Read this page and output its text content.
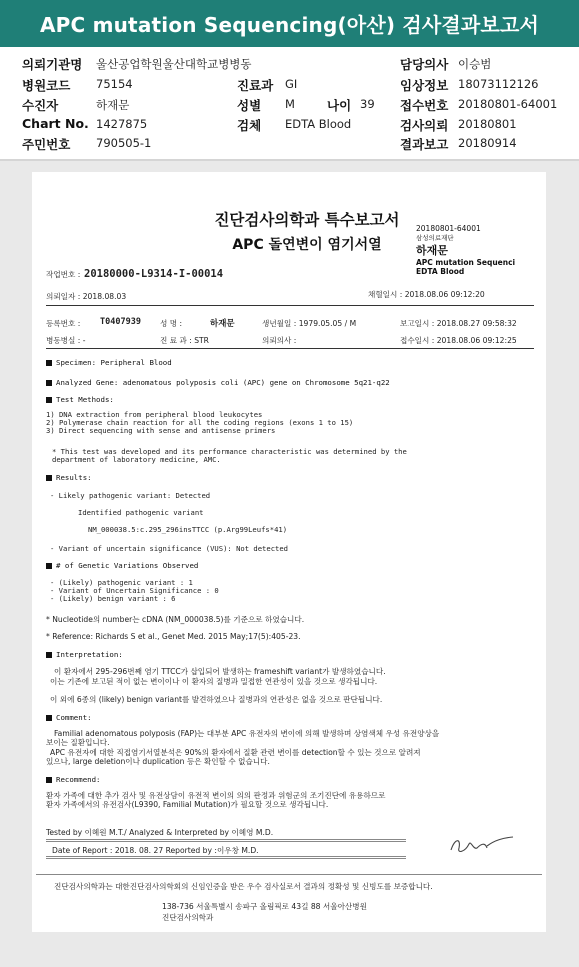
APC mutation Sequencing(아산) 검사결과보고서
의뢰기관명 울산공업학원울산대학교병병동
병원코드 75154
수진자	하재문
Chart No. 1427875
주민번호 790505-1
진료과 GI
성별 M	나이 39
검체 EDTA Blood
담당의사 이승범
임상정보 18073112126
접수번호 20180801-64001
검사의뢰 20180801
결과보고 20180914
진단검사의학과 특수보고서
APC 돌연변이 염기서열
20180801-64001
삼성의료재단
하재문
APC mutation Sequenci
EDTA Blood
작업번호 : 20180000-L9314-I-00014
의뢰일자 : 2018.08.03	채혈일시 : 2018.08.06 09:12:20
등록번호 : T0407939	성 명 :	하재문	생년월일 : 1979.05.05 / M	보고일시 : 2018.08.27 09:58:32
병동병실 : -	진 료 과 : STR	의뢰의사 :	접수일시 : 2018.08.06 09:12:25
Specimen: Peripheral Blood
Analyzed Gene: adenomatous polyposis coli (APC) gene on Chromosome 5q21-q22
Test Methods:
1) DNA extraction from peripheral blood leukocytes
2) Polymerase chain reaction for all the coding regions (exons 1 to 15)
3) Direct sequencing with sense and antisense primers
* This test was developed and its performance characteristic was determined by the
department of laboratory medicine, AMC.
Results:
- Likely pathogenic variant: Detected
Identified pathogenic variant
NM_000038.5:c.295_296insTTCC (p.Arg99Leufs*41)
- Variant of uncertain significance (VUS): Not detected
# of Genetic Variations Observed
- (Likely) pathogenic variant : 1
- Variant of Uncertain Significance : 0
- (Likely) benign variant : 6
* Nucleotide의 number는 cDNA (NM_000038.5)를 기준으로 하였습니다.
* Reference: Richards S et al., Genet Med. 2015 May;17(5):405-23.
Interpretation:
이 환자에서 295-296번째 염기 TTCC가 삽입되어 발생하는 frameshift variant가 발생하였습니다.
이는 기존에 보고된 적이 없는 변이이나 이 환자의 질병과 밀접한 연관성이 있을 것으로 생각됩니다.
이 외에 6종의 (likely) benign variant를 발견하였으나 질병과의 연관성은 없을 것으로 판단됩니다.
Comment:
Familial adenomatous polyposis (FAP)는 대부분 APC 유전자의 변이에 의해 발생하며 상염색체 우성 유전양상을
보이는 질환입니다.
APC 유전자에 대한 직접염기서열분석은 90%의 환자에서 질환 관련 변이를 detection할 수 있는 것으로 알려져
있으나, large deletion이나 duplication 등은 확인할 수 없습니다.
Recommend:
환자 가족에 대한 추가 검사 및 유전상담이 유전적 변이의 의의 판정과 위험군의 조기진단에 유용하므로
환자 가족에서의 유전검사(L9390, Familial Mutation)가 필요할 것으로 생각됩니다.
Tested by 이혜원 M.T./ Analyzed & Interpreted by 이혜영 M.D.
Date of Report : 2018. 08. 27 Reported by :이우창 M.D.
진단검사의학과는 대한진단검사의학회의 신임인증을 받은 우수 검사실로서 결과의 정확성 및 신빙도를 보증합니다.
138-736 서울특별시 송파구 올림픽로 43길 88 서울아산병원
진단검사의학과
